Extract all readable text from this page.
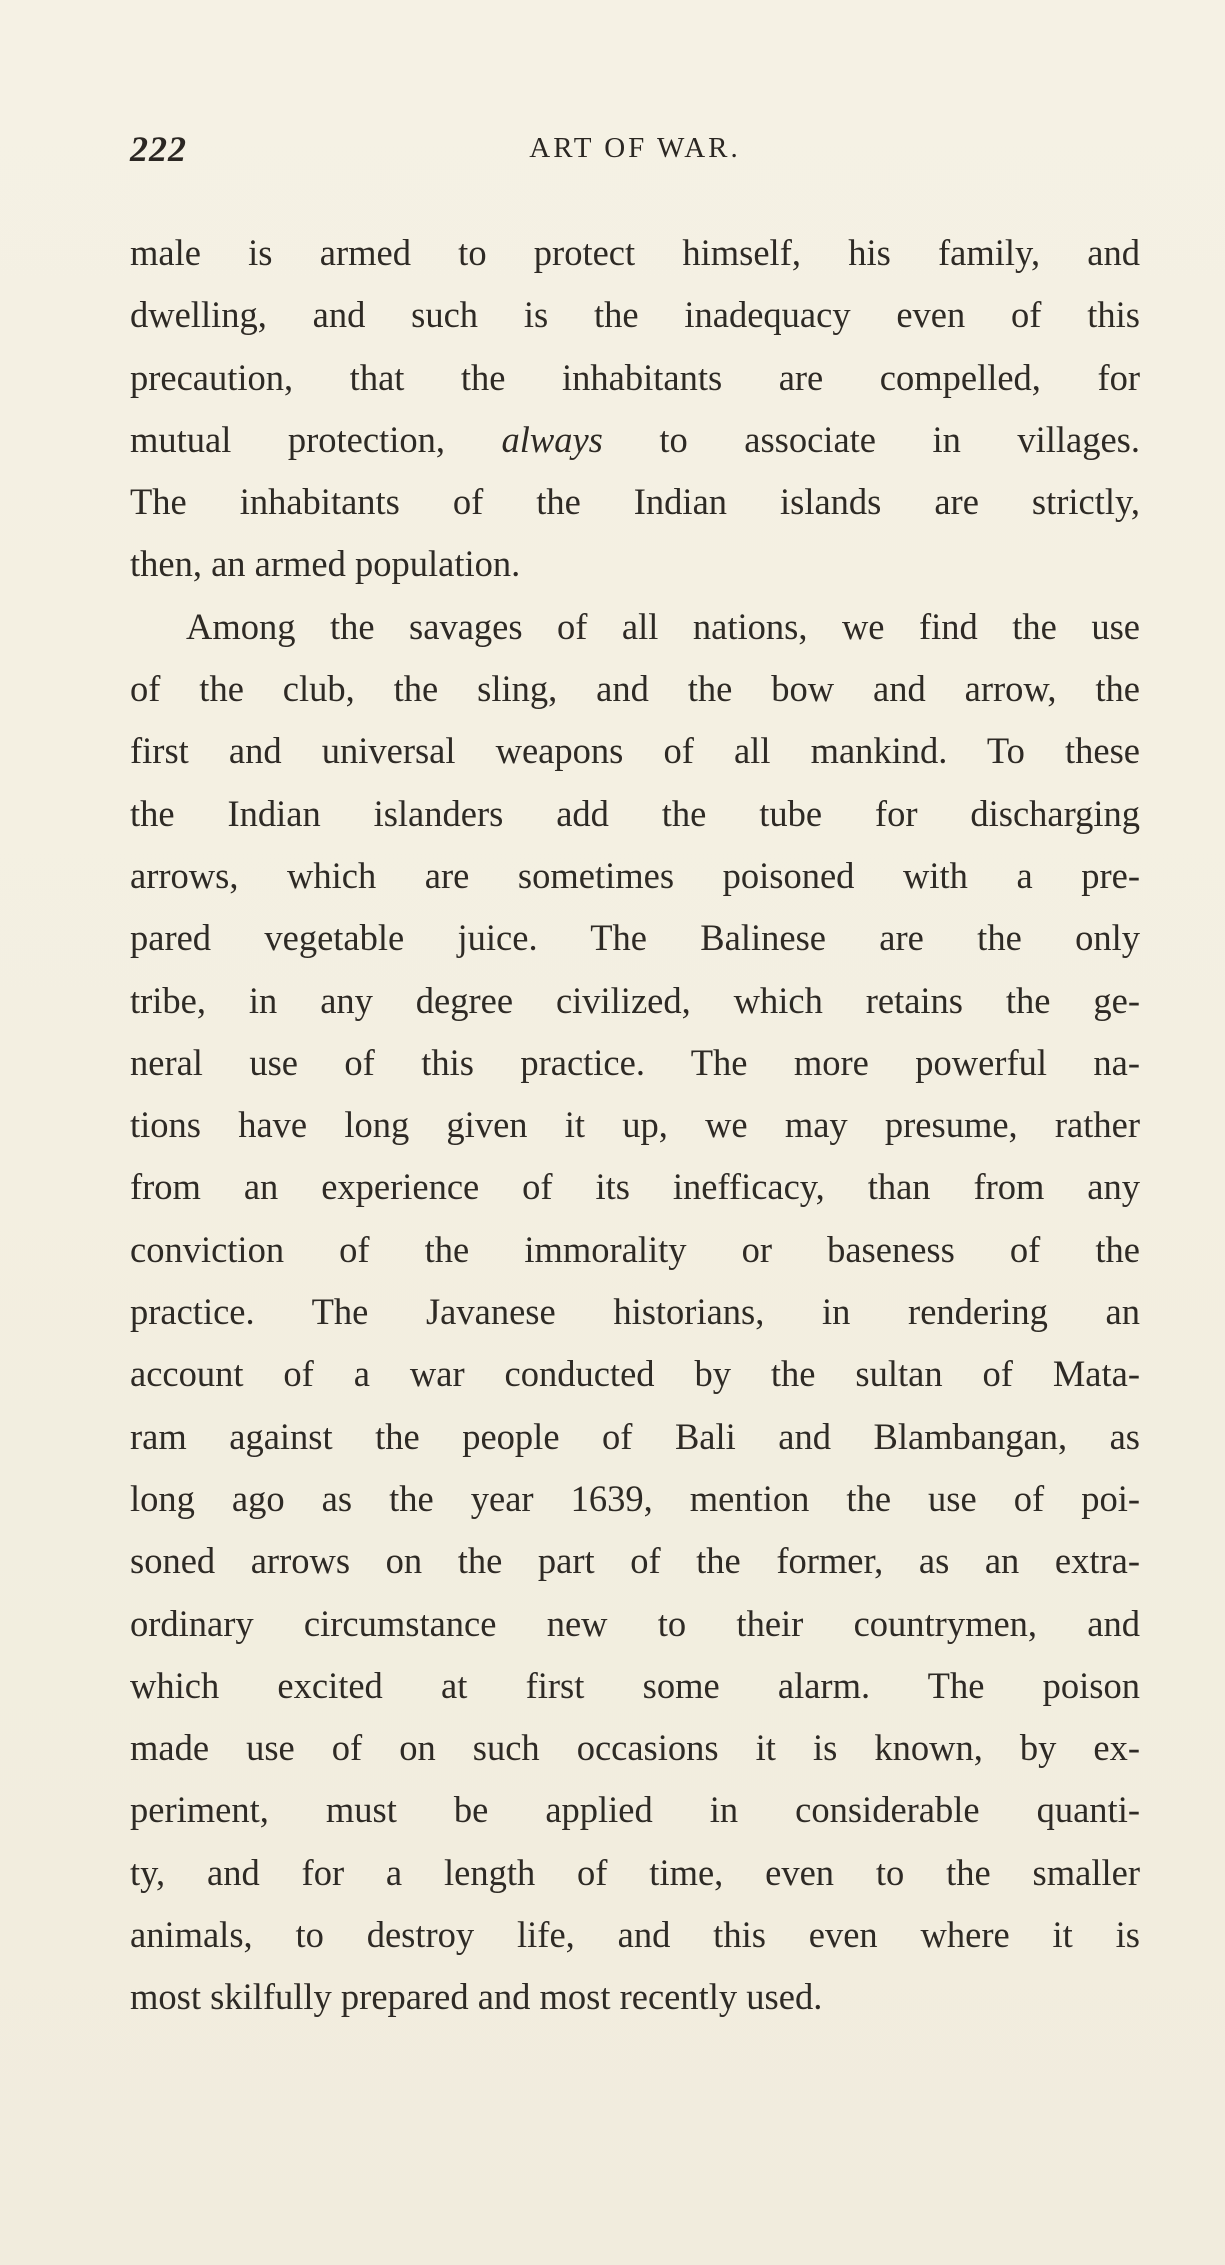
222	ART OF WAR.
male is armed to protect himself, his family, and
dwelling, and such is the inadequacy even of this
precaution, that the inhabitants are compelled, for
mutual protection, always to associate in villages.
The inhabitants of the Indian islands are strictly,
then, an armed population.
Among the savages of all nations, we find the use
of the club, the sling, and the bow and arrow, the
first and universal weapons of all mankind. To these
the Indian islanders add the tube for discharging
arrows, which are sometimes poisoned with a pre-
pared vegetable juice. The Balinese are the only
tribe, in any degree civilized, which retains the ge-
neral use of this practice. The more powerful na-
tions have long given it up, we may presume, rather
from an experience of its inefficacy, than from any
conviction of the immorality or baseness of the
practice. The Javanese historians, in rendering an
account of a war conducted by the sultan of Mata-
ram against the people of Bali and Blambangan, as
long ago as the year 1639, mention the use of poi-
soned arrows on the part of the former, as an extra-
ordinary circumstance new to their countrymen, and
which excited at first some alarm. The poison
made use of on such occasions it is known, by ex-
periment, must be applied in considerable quanti-
ty, and for a length of time, even to the smaller
animals, to destroy life, and this even where it is
most skilfully prepared and most recently used.
